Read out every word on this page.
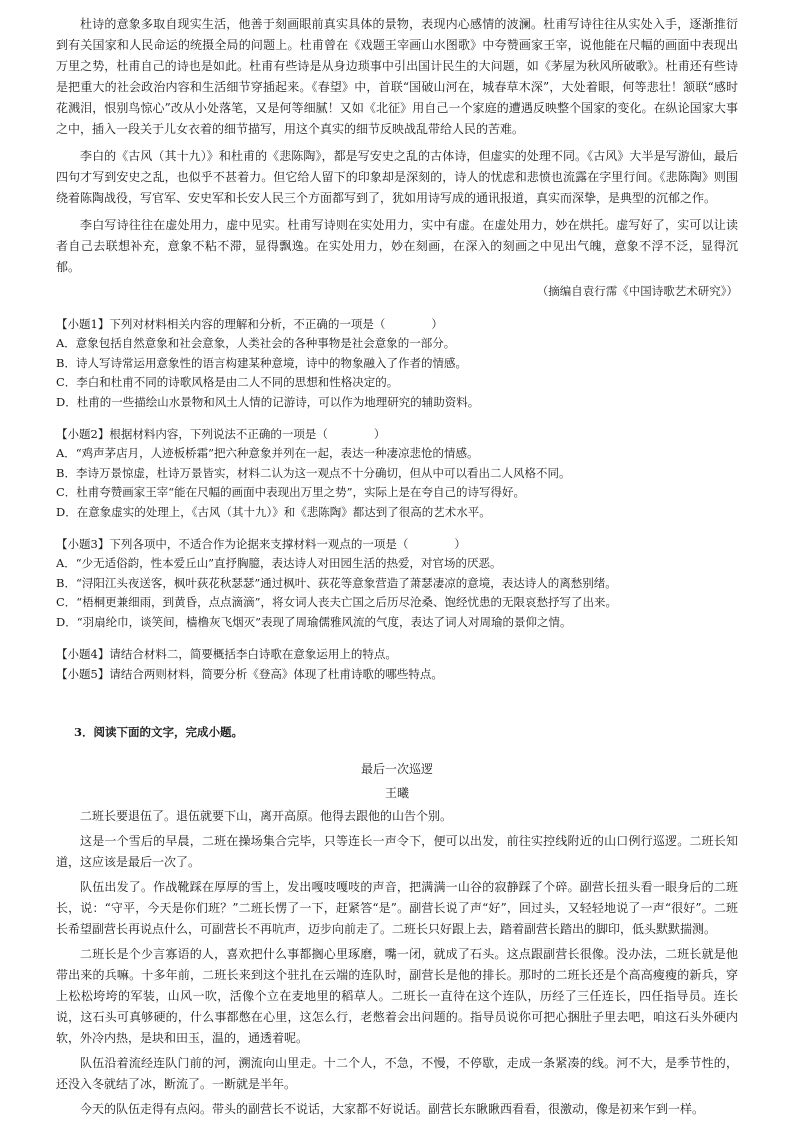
杜诗的意象多取自现实生活，他善于刻画眼前真实具体的景物，表现内心感情的波澜。杜甫写诗往往从实处入手，逐渐推衍到有关国家和人民命运的统摄全局的问题上。杜甫曾在《戏题王宰画山水图歌》中夸赞画家王宰，说他能在尺幅的画面中表现出万里之势，杜甫自己的诗也是如此。杜甫有些诗是从身边琐事中引出国计民生的大问题，如《茅屋为秋风所破歌》。杜甫还有些诗是把重大的社会政治内容和生活细节穿插起来。《春望》中，首联“国破山河在，城春草木深”，大处着眼，何等悲壮！颔联“感时花溅泪，恨别鸟惊心”改从小处落笔，又是何等细腻！又如《北征》用自己一个家庭的遭遇反映整个国家的变化。在纵论国家大事之中，插入一段关于儿女衣着的细节描写，用这个真实的细节反映战乱带给人民的苦难。

李白的《古风（其十九）》和杜甫的《悲陈陶》，都是写安史之乱的古体诗，但虚实的处理不同。《古风》大半是写游仙，最后四句才写到安史之乱，也似乎不甚着力。但它给人留下的印象却是深刻的，诗人的忧虑和悲愤也流露在字里行间。《悲陈陶》则围绕着陈陶战役，写官军、安史军和长安人民三个方面都写到了，犹如用诗写成的通讯报道，真实而深挚，是典型的沉郁之作。

李白写诗往往在虚处用力，虚中见实。杜甫写诗则在实处用力，实中有虚。在虚处用力，妙在烘托。虚写好了，实可以让读者自己去联想补充，意象不粘不滞，显得飘逸。在实处用力，妙在刻画，在深入的刻画之中见出气魄，意象不浮不泛，显得沉郁。

（摘编自袁行霈《中国诗歌艺术研究》）

【小题1】下列对材料相关内容的理解和分析，不正确的一项是（　　　　）

A．意象包括自然意象和社会意象，人类社会的各种事物是社会意象的一部分。

B．诗人写诗常运用意象性的语言构建某种意境，诗中的物象融入了作者的情感。

C．李白和杜甫不同的诗歌风格是由二人不同的思想和性格决定的。

D．杜甫的一些描绘山水景物和风土人情的记游诗，可以作为地理研究的辅助资料。

【小题2】根据材料内容，下列说法不正确的一项是（　　　　）

A．“鸡声茅店月，人迹板桥霜”把六种意象并列在一起，表达一种凄凉悲怆的情感。

B．李诗万景惊虚，杜诗万景皆实，材料二认为这一观点不十分确切，但从中可以看出二人风格不同。

C．杜甫夸赞画家王宰“能在尺幅的画面中表现出万里之势”，实际上是在夸自己的诗写得好。

D．在意象虚实的处理上，《古风（其十九）》和《悲陈陶》都达到了很高的艺术水平。

【小题3】下列各项中，不适合作为论据来支撑材料一观点的一项是（　　　　）

A．“少无适俗韵，性本爱丘山”直抒胸臆，表达诗人对田园生活的热爱，对官场的厌恶。

B．“浔阳江头夜送客，枫叶荻花秋瑟瑟”通过枫叶、荻花等意象营造了萧瑟凄凉的意境，表达诗人的离愁别绪。

C．“梧桐更兼细雨，到黄昏，点点滴滴”，将女词人丧夫亡国之后历尽沧桑、饱经忧患的无限哀愁抒写了出来。

D．“羽扇纶巾，谈笑间，樯橹灰飞烟灭”表现了周瑜儒雅风流的气度，表达了词人对周瑜的景仰之情。

【小题4】请结合材料二，简要概括李白诗歌在意象运用上的特点。

【小题5】请结合两则材料，简要分析《登高》体现了杜甫诗歌的哪些特点。

3．阅读下面的文字，完成小题。

最后一次巡逻

王曦

二班长要退伍了。退伍就要下山，离开高原。他得去跟他的山告个别。

这是一个雪后的早晨，二班在操场集合完毕，只等连长一声令下，便可以出发，前往实控线附近的山口例行巡逻。二班长知道，这应该是最后一次了。

队伍出发了。作战靴踩在厚厚的雪上，发出嘎吱嘎吱的声音，把满满一山谷的寂静踩了个碎。副营长扭头看一眼身后的二班长，说：“守平，今天是你们班？”二班长愣了一下，赶紧答“是”。副营长说了声“好”，回过头，又轻轻地说了一声“很好”。二班长希望副营长再说点什么，可副营长不再吭声，迈步向前走了。二班长只好跟上去，踏着副营长踏出的脚印，低头默默揣测。

二班长是个少言寡语的人，喜欢把什么事都搁心里琢磨，嘴一闭，就成了石头。这点跟副营长很像。没办法，二班长就是他带出来的兵嘛。十多年前，二班长来到这个驻扎在云端的连队时，副营长是他的排长。那时的二班长还是个高高瘦瘦的新兵，穿上松松垮垮的军装，山风一吹，活像个立在麦地里的稻草人。二班长一直待在这个连队，历经了三任连长，四任指导员。连长说，这石头可真够硬的，什么事都憋在心里，这怎么行，老憋着会出问题的。指导员说你可把心捆肚子里去吧，咱这石头外硬内软，外冷内热，是块和田玉，温的，通透着呢。

队伍沿着流经连队门前的河，溯流向山里走。十二个人，不急，不慢，不停歇，走成一条紧凑的线。河不大，是季节性的，还没入冬就结了冰，断流了。一断就是半年。

今天的队伍走得有点闷。带头的副营长不说话，大家都不好说话。副营长东瞅瞅西看看，很激动，像是初来乍到一样。
